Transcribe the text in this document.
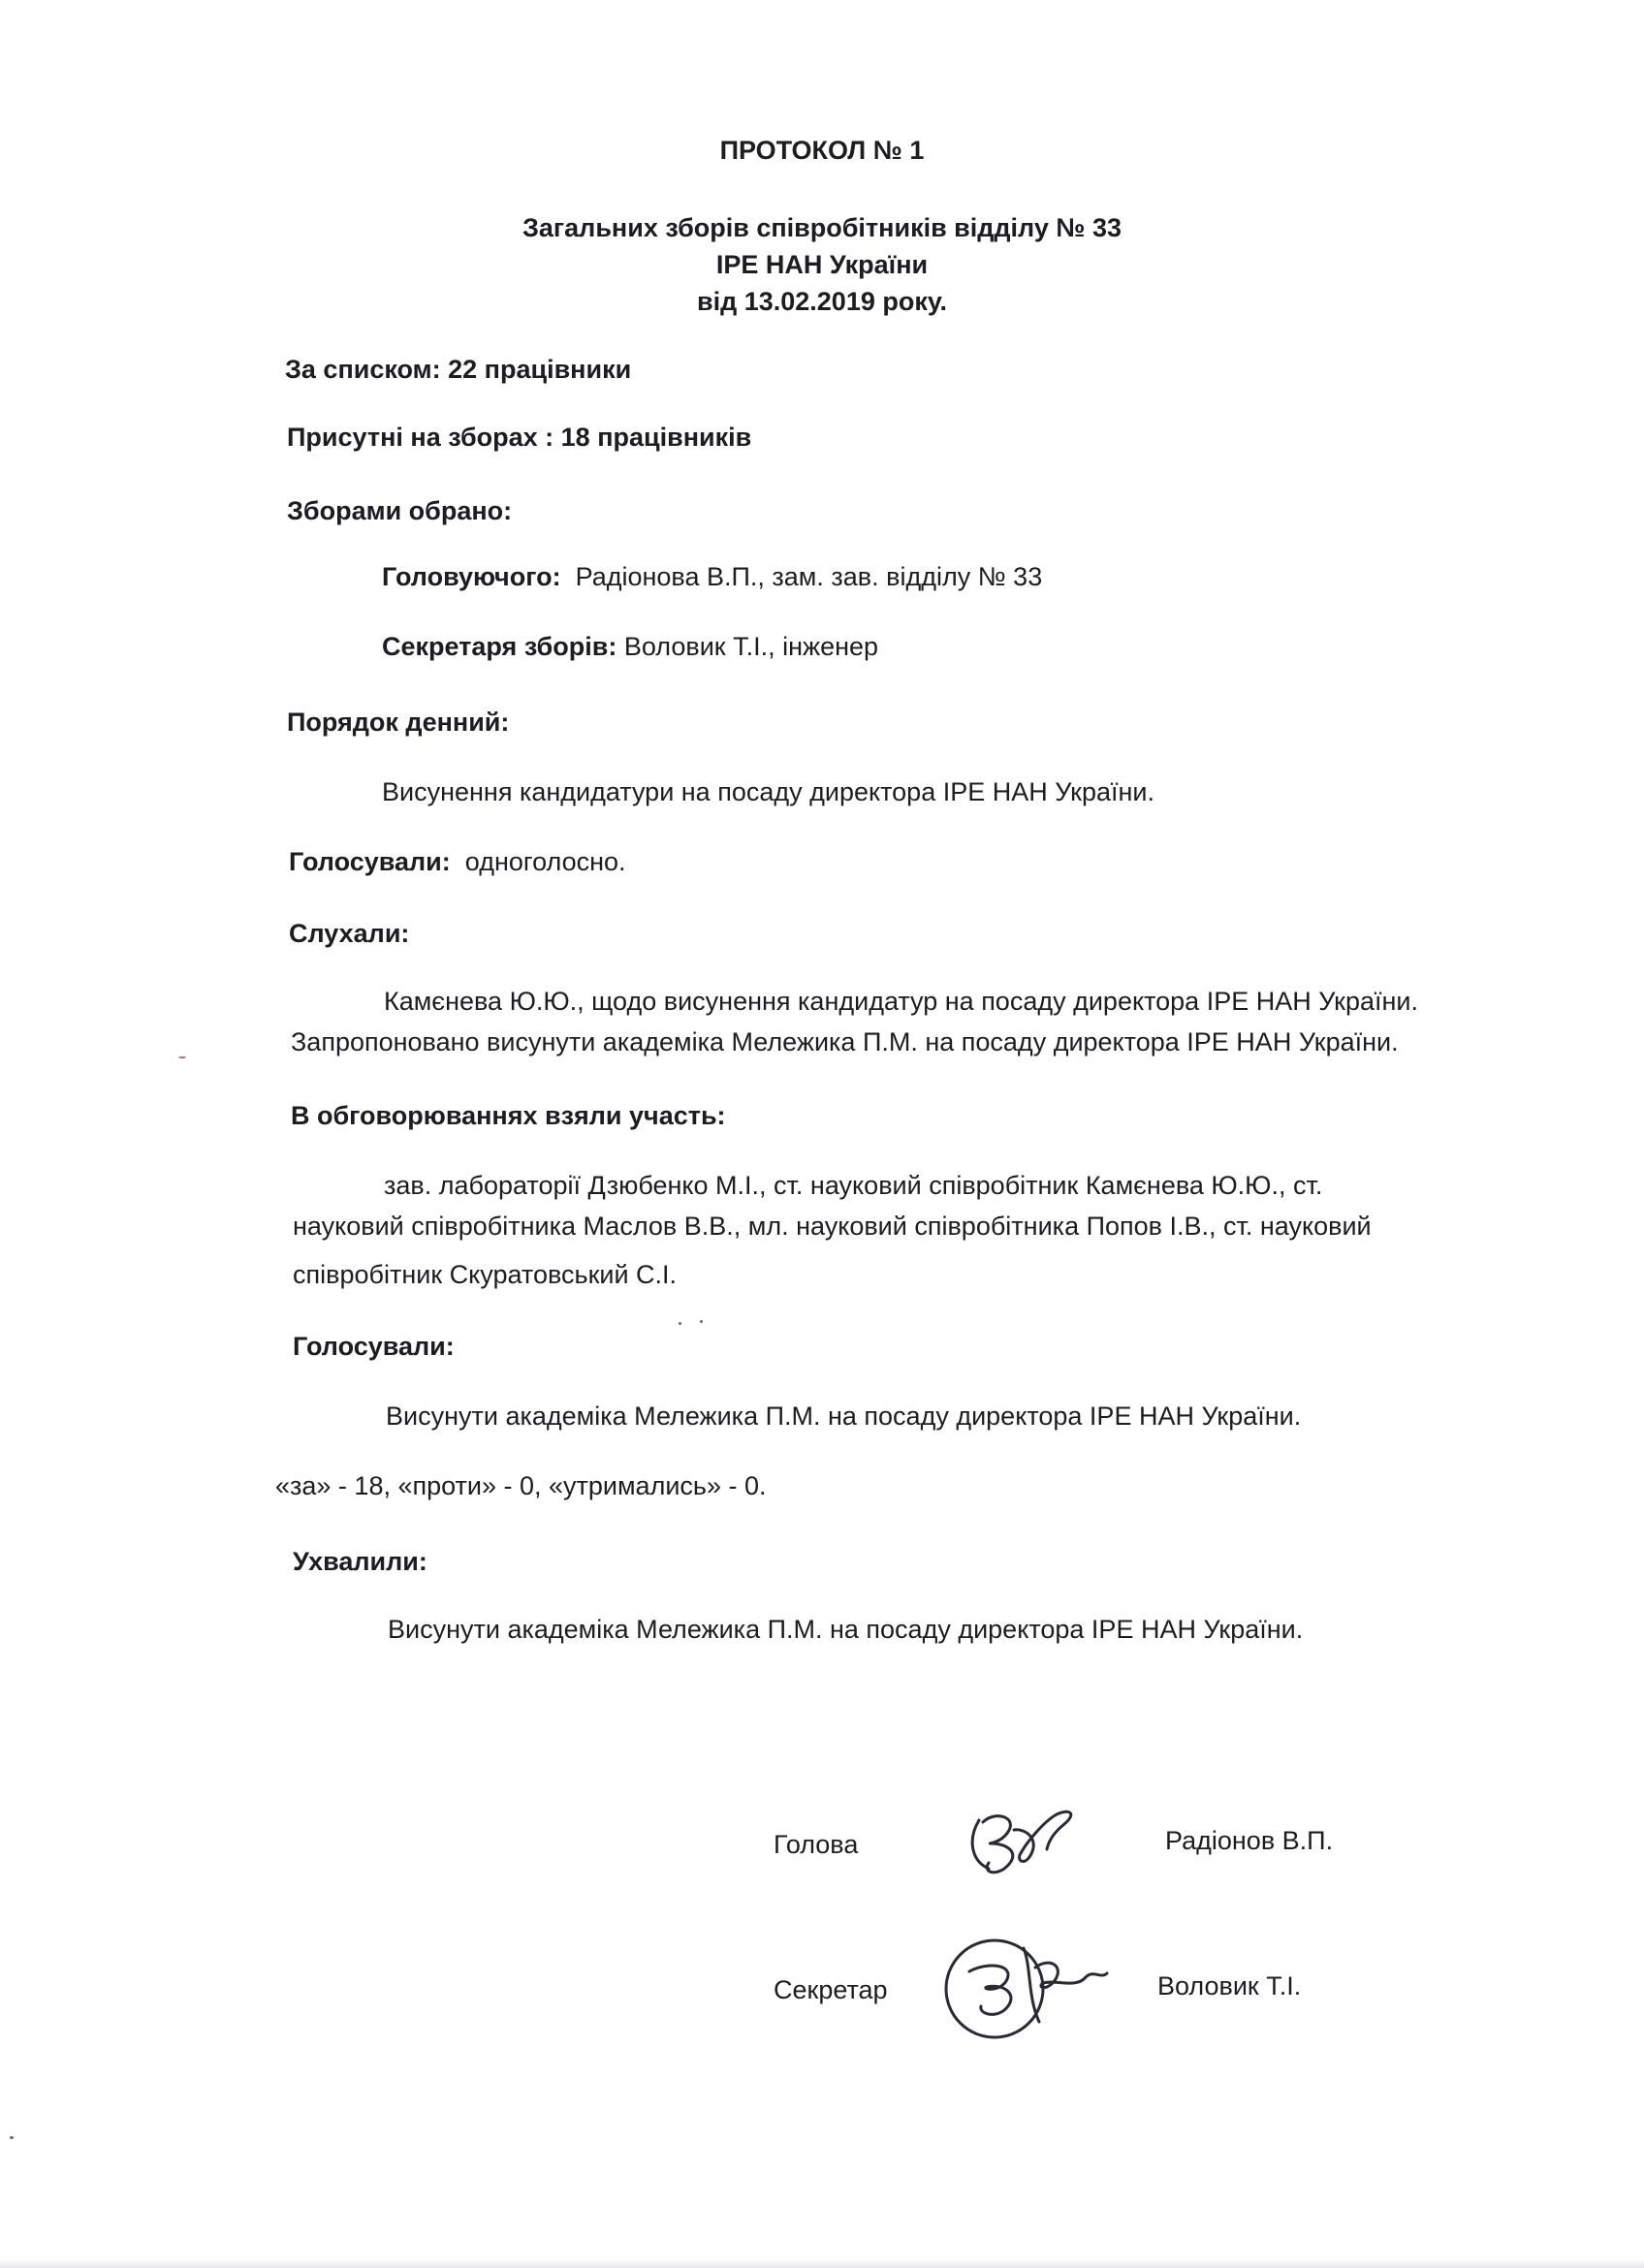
ПРОТОКОЛ № 1
Загальних зборів співробітників відділу № 33
ІРЕ НАН України
від 13.02.2019 року.
За списком: 22 працівники
Присутні на зборах : 18 працівників
Зборами обрано:
Головуючого: Радіонова В.П., зам. зав. відділу № 33
Секретаря зборів: Воловик Т.І., інженер
Порядок денний:
Висунення кандидатури на посаду директора ІРЕ НАН України.
Голосували: одноголосно.
Слухали:
Камєнева Ю.Ю., щодо висунення кандидатур на посаду директора ІРЕ НАН України.
Запропоновано висунути академіка Мележика П.М. на посаду директора ІРЕ НАН України.
В обговорюваннях взяли участь:
зав. лабораторії Дзюбенко М.І., ст. науковий співробітник Камєнева Ю.Ю., ст.
науковий співробітника Маслов В.В., мл. науковий співробітника Попов І.В., ст. науковий
співробітник Скуратовський С.І.
Голосували:
Висунути академіка Мележика П.М. на посаду директора ІРЕ НАН України.
«за» - 18, «проти» - 0, «утримались» - 0.
Ухвалили:
Висунути академіка Мележика П.М. на посаду директора ІРЕ НАН України.
Голова	Радіонов В.П.
Секретар	Воловик Т.І.
